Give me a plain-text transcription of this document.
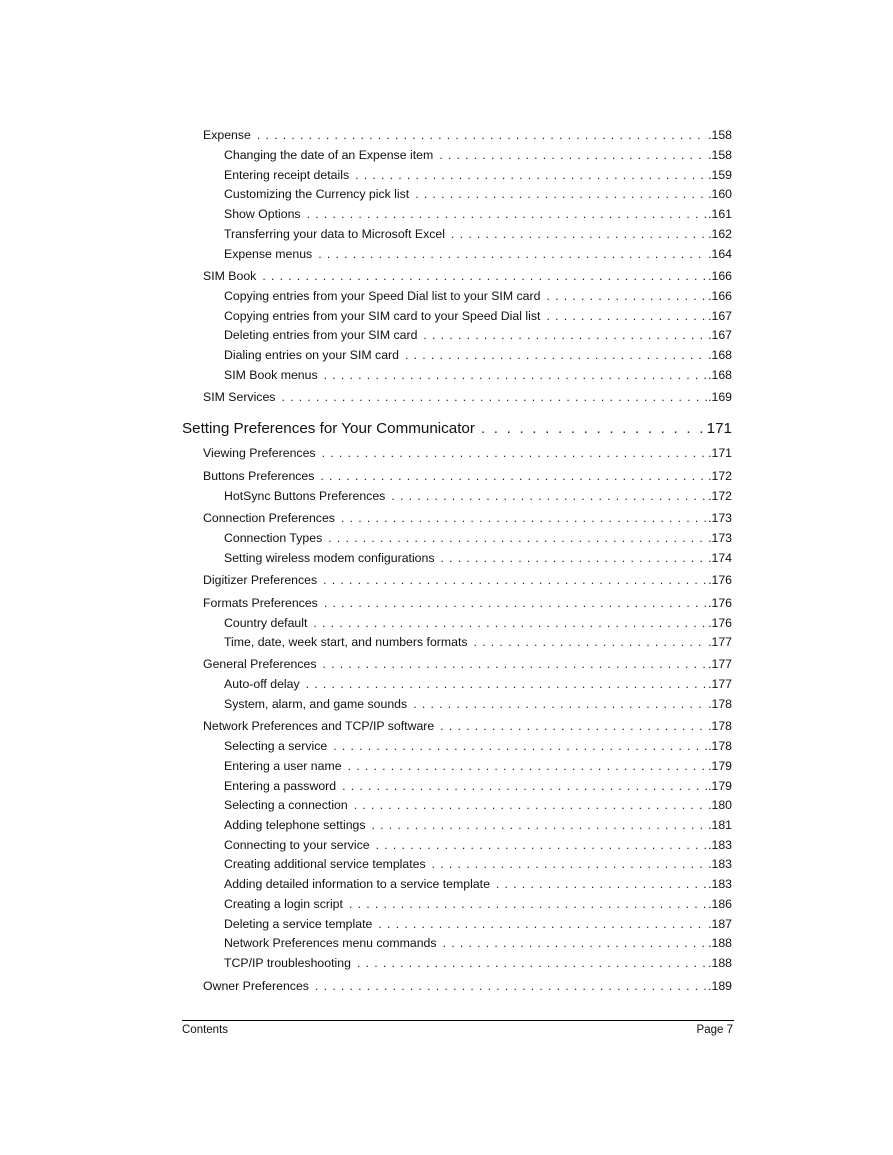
Expense . . .	.158
Changing the date of an Expense item . . .	.158
Entering receipt details . . .	.159
Customizing the Currency pick list . . .	.160
Show Options . . .	.161
Transferring your data to Microsoft Excel . . .	.162
Expense menus . . .	.164
SIM Book . . .	.166
Copying entries from your Speed Dial list to your SIM card . . .	.166
Copying entries from your SIM card to your Speed Dial list . . .	.167
Deleting entries from your SIM card . . .	.167
Dialing entries on your SIM card . . .	.168
SIM Book menus . . .	.168
SIM Services . . .	.169
Setting Preferences for Your Communicator . . .	171
Viewing Preferences . . .	.171
Buttons Preferences . . .	.172
HotSync Buttons Preferences . . .	.172
Connection Preferences . . .	.173
Connection Types . . .	.173
Setting wireless modem configurations . . .	.174
Digitizer Preferences . . .	.176
Formats Preferences . . .	.176
Country default . . .	.176
Time, date, week start, and numbers formats . . .	.177
General Preferences . . .	.177
Auto-off delay . . .	.177
System, alarm, and game sounds . . .	.178
Network Preferences and TCP/IP software . . .	.178
Selecting a service . . .	.178
Entering a user name . . .	.179
Entering a password . . .	.179
Selecting a connection . . .	.180
Adding telephone settings . . .	.181
Connecting to your service . . .	.183
Creating additional service templates . . .	.183
Adding detailed information to a service template . . .	.183
Creating a login script . . .	.186
Deleting a service template . . .	.187
Network Preferences menu commands . . .	.188
TCP/IP troubleshooting . . .	.188
Owner Preferences . . .	.189
Contents	Page 7
